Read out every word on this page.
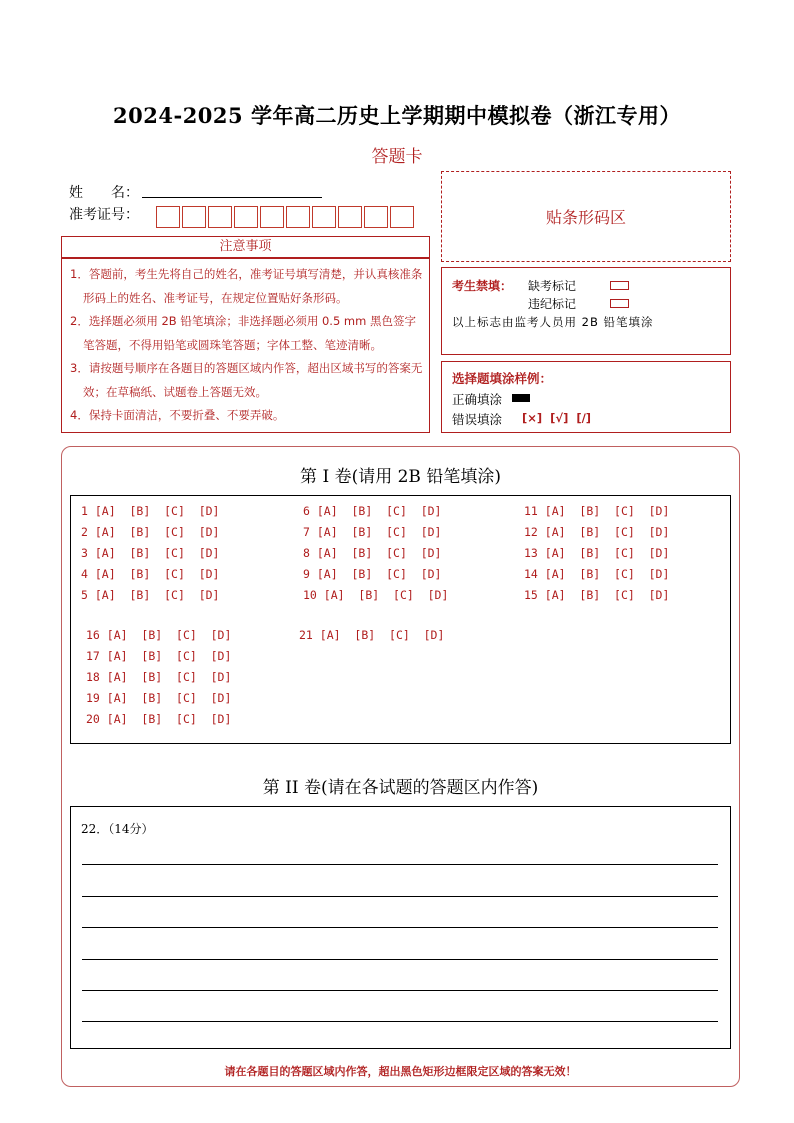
2024-2025 学年高二历史上学期期中模拟卷（浙江专用）
答题卡
姓　　名：
准考证号：	贴条形码区
注意事项
1．答题前，考生先将自己的姓名，准考证号填写清楚，并认真核准条形码上的姓名、准考证号，在规定位置贴好条形码。
2．选择题必须用 2B 铅笔填涂；非选择题必须用 0.5 mm 黑色签字笔答题，不得用铅笔或圆珠笔答题；字体工整、笔迹清晰。
3．请按题号顺序在各题目的答题区域内作答，超出区域书写的答案无效；在草稿纸、试题卷上答题无效。
4．保持卡面清洁，不要折叠、不要弄破。
考生禁填： 缺考标记
违纪标记
以上标志由监考人员用 2B 铅笔填涂
选择题填涂样例：
正确填涂
错误填涂 [×]  [√]  [/]
第 I 卷(请用 2B 铅笔填涂)
1 [A]  [B]  [C]  [D]
2 [A]  [B]  [C]  [D]
3 [A]  [B]  [C]  [D]
4 [A]  [B]  [C]  [D]
5 [A]  [B]  [C]  [D]
6 [A]  [B]  [C]  [D]
7 [A]  [B]  [C]  [D]
8 [A]  [B]  [C]  [D]
9 [A]  [B]  [C]  [D]
10 [A]  [B]  [C]  [D]
11 [A]  [B]  [C]  [D]
12 [A]  [B]  [C]  [D]
13 [A]  [B]  [C]  [D]
14 [A]  [B]  [C]  [D]
15 [A]  [B]  [C]  [D]
16 [A]  [B]  [C]  [D]
17 [A]  [B]  [C]  [D]
18 [A]  [B]  [C]  [D]
19 [A]  [B]  [C]  [D]
20 [A]  [B]  [C]  [D]
21 [A]  [B]  [C]  [D]
第 II 卷(请在各试题的答题区内作答)
22．（14分）
请在各题目的答题区域内作答，超出黑色矩形边框限定区域的答案无效！
